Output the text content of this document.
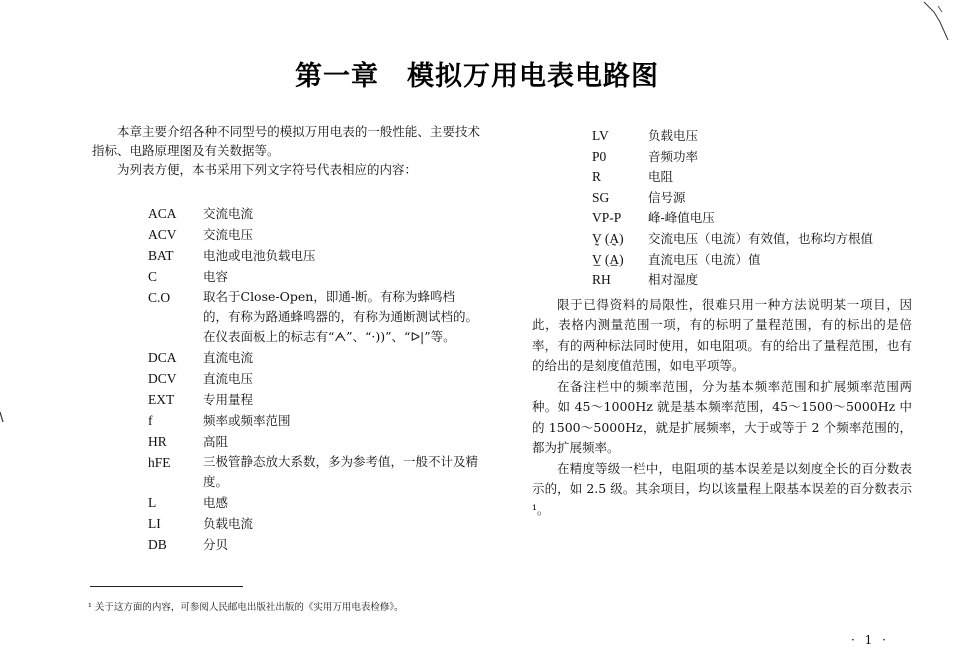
第一章　模拟万用电表电路图

本章主要介绍各种不同型号的模拟万用电表的一般性能、主要技术指标、电路原理图及有关数据等。

为列表方便，本书采用下列文字符号代表相应的内容：

ACA	交流电流
ACV	交流电压
BAT	电池或电池负载电压
C	电容
C.O	取名于Close-Open，即通-断。有称为蜂鸣档的，有称为路通蜂鸣器的，有称为通断测试档的。在仪表面板上的标志有“ᗅ”、“·))”、“ᐅ|”等。
DCA	直流电流
DCV	直流电压
EXT	专用量程
f	频率或频率范围
HR	高阻
hFE	三极管静态放大系数，多为参考值，一般不计及精度。
L	电感
LI	负载电流
DB	分贝
LV	负载电压
P0	音频功率
R	电阻
SG	信号源
VP-P	峰-峰值电压
V̰ (A̰)	交流电压（电流）有效值，也称均方根值
V̲ (A̲)	直流电压（电流）值
RH	相对湿度

限于已得资料的局限性，很难只用一种方法说明某一项目，因此，表格内测量范围一项，有的标明了量程范围，有的标出的是倍率，有的两种标法同时使用，如电阻项。有的给出了量程范围，也有的给出的是刻度值范围，如电平项等。

在备注栏中的频率范围，分为基本频率范围和扩展频率范围两种。如 45～1000Hz 就是基本频率范围，45～1500～5000Hz 中的 1500～5000Hz，就是扩展频率，大于或等于 2 个频率范围的，都为扩展频率。

在精度等级一栏中，电阻项的基本误差是以刻度全长的百分数表示的，如 2.5 级。其余项目，均以该量程上限基本误差的百分数表示¹。

¹ 关于这方面的内容，可参阅人民邮电出版社出版的《实用万用电表检修》。
· 1 ·
